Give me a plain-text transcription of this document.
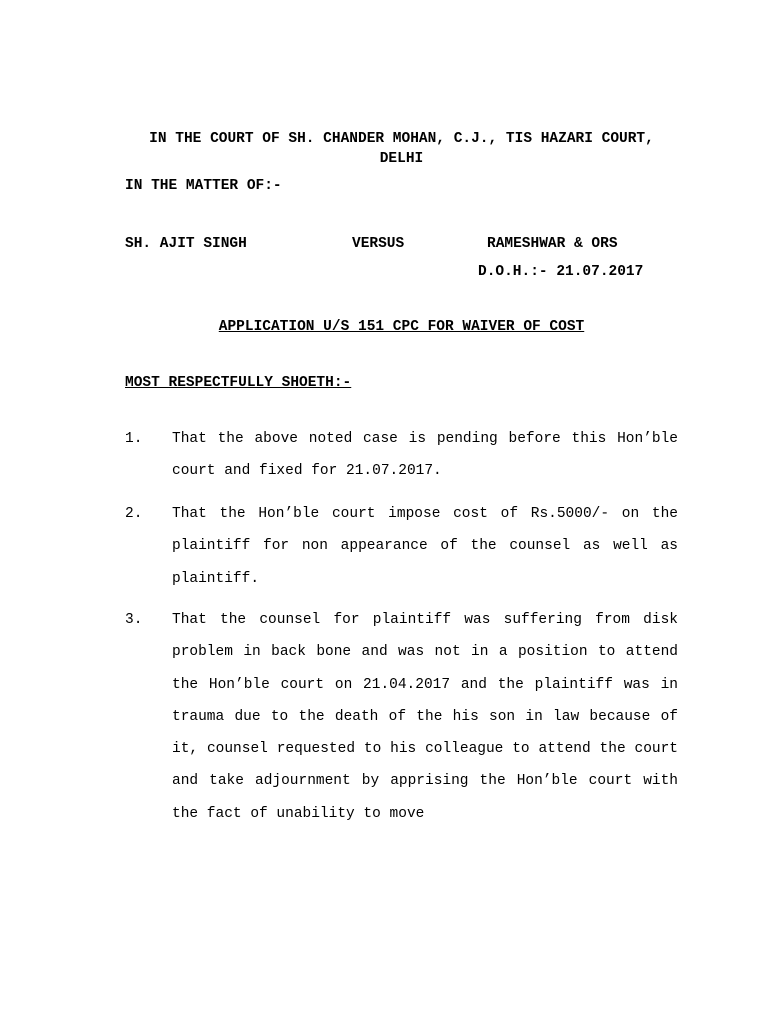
IN THE COURT OF SH. CHANDER MOHAN, C.J., TIS HAZARI COURT, DELHI
IN THE MATTER OF:-
SH. AJIT SINGH	VERSUS	RAMESHWAR & ORS
D.O.H.:- 21.07.2017
APPLICATION U/S 151 CPC FOR WAIVER OF COST
MOST RESPECTFULLY SHOETH:-
1. That the above noted case is pending before this Hon’ble court and fixed for 21.07.2017.
2. That the Hon’ble court impose cost of Rs.5000/- on the plaintiff for non appearance of the counsel as well as plaintiff.
3. That the counsel for plaintiff was suffering from disk problem in back bone and was not in a position to attend the Hon’ble court on 21.04.2017 and the plaintiff was in trauma due to the death of the his son in law because of it, counsel requested to his colleague to attend the court and take adjournment by apprising the Hon’ble court with the fact of unability to move
